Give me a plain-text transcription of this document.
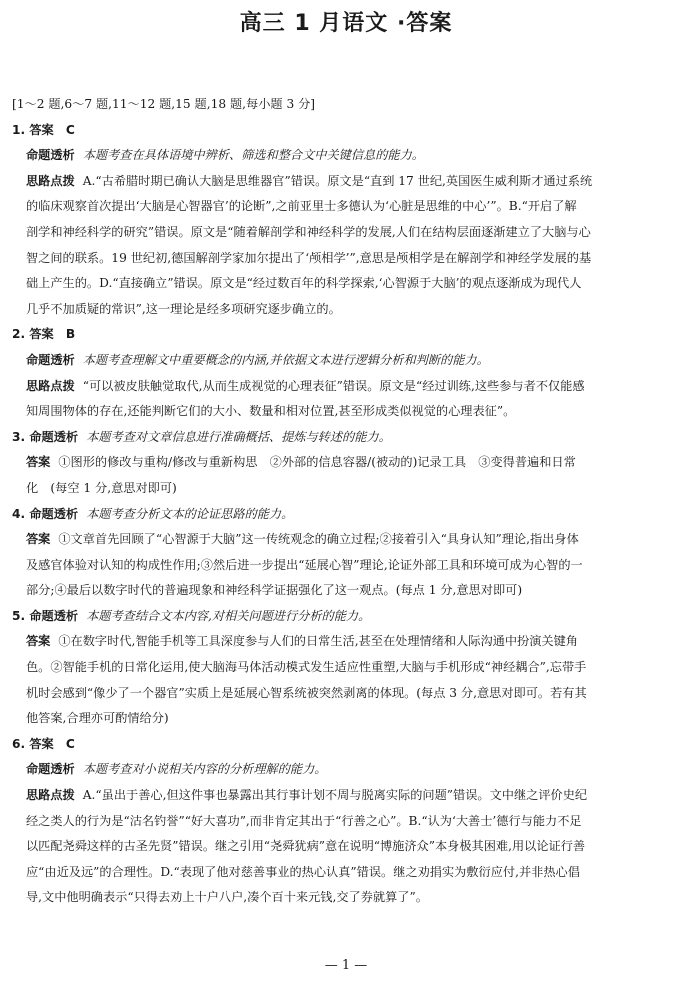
高三 1 月语文 ·答案
[1～2 题,6～7 题,11～12 题,15 题,18 题,每小题 3 分]
1. 答案　 C
命题透析 本题考查在具体语境中辨析、筛选和整合文中关键信息的能力。
思路点拨 A.“古希腊时期已确认大脑是思维器官”错误。原文是“直到 17 世纪,英国医生威利斯才通过系统
的临床观察首次提出‘大脑是心智器官’的论断”,之前亚里士多德认为‘心脏是思维的中心’”。B.“开启了解
剖学和神经科学的研究”错误。原文是“随着解剖学和神经科学的发展,人们在结构层面逐渐建立了大脑与心
智之间的联系。19 世纪初,德国解剖学家加尔提出了‘颅相学’”,意思是颅相学是在解剖学和神经学发展的基
础上产生的。D.“直接确立”错误。原文是“经过数百年的科学探索,‘心智源于大脑’的观点逐渐成为现代人
几乎不加质疑的常识”,这一理论是经多项研究逐步确立的。
2. 答案　 B
命题透析 本题考查理解文中重要概念的内涵,并依据文本进行逻辑分析和判断的能力。
思路点拨 “可以被皮肤触觉取代,从而生成视觉的心理表征”错误。原文是“经过训练,这些参与者不仅能感
知周围物体的存在,还能判断它们的大小、数量和相对位置,甚至形成类似视觉的心理表征”。
3. 命题透析 本题考查对文章信息进行准确概括、提炼与转述的能力。
答案 ①图形的修改与重构/修改与重新构思　②外部的信息容器/(被动的)记录工具　③变得普遍和日常
化　(每空 1 分,意思对即可)
4. 命题透析 本题考查分析文本的论证思路的能力。
答案 ①文章首先回顾了“心智源于大脑”这一传统观念的确立过程;②接着引入“具身认知”理论,指出身体
及感官体验对认知的构成性作用;③然后进一步提出“延展心智”理论,论证外部工具和环境可成为心智的一
部分;④最后以数字时代的普遍现象和神经科学证据强化了这一观点。(每点 1 分,意思对即可)
5. 命题透析 本题考查结合文本内容,对相关问题进行分析的能力。
答案 ①在数字时代,智能手机等工具深度参与人们的日常生活,甚至在处理情绪和人际沟通中扮演关键角
色。②智能手机的日常化运用,使大脑海马体活动模式发生适应性重塑,大脑与手机形成“神经耦合”,忘带手
机时会感到“像少了一个器官”实质上是延展心智系统被突然剥离的体现。(每点 3 分,意思对即可。若有其
他答案,合理亦可酌情给分)
6. 答案　 C
命题透析 本题考查对小说相关内容的分析理解的能力。
思路点拨 A.“虽出于善心,但这件事也暴露出其行事计划不周与脱离实际的问题”错误。文中继之评价史纪
经之类人的行为是“沽名钓誉”“好大喜功”,而非肯定其出于“行善之心”。B.“认为‘大善士’德行与能力不足
以匹配尧舜这样的古圣先贤”错误。继之引用“尧舜犹病”意在说明“博施济众”本身极其困难,用以论证行善
应“由近及远”的合理性。D.“表现了他对慈善事业的热心认真”错误。继之劝捐实为敷衍应付,并非热心倡
导,文中他明确表示“只得去劝上十户八户,凑个百十来元钱,交了券就算了”。
— 1 —
